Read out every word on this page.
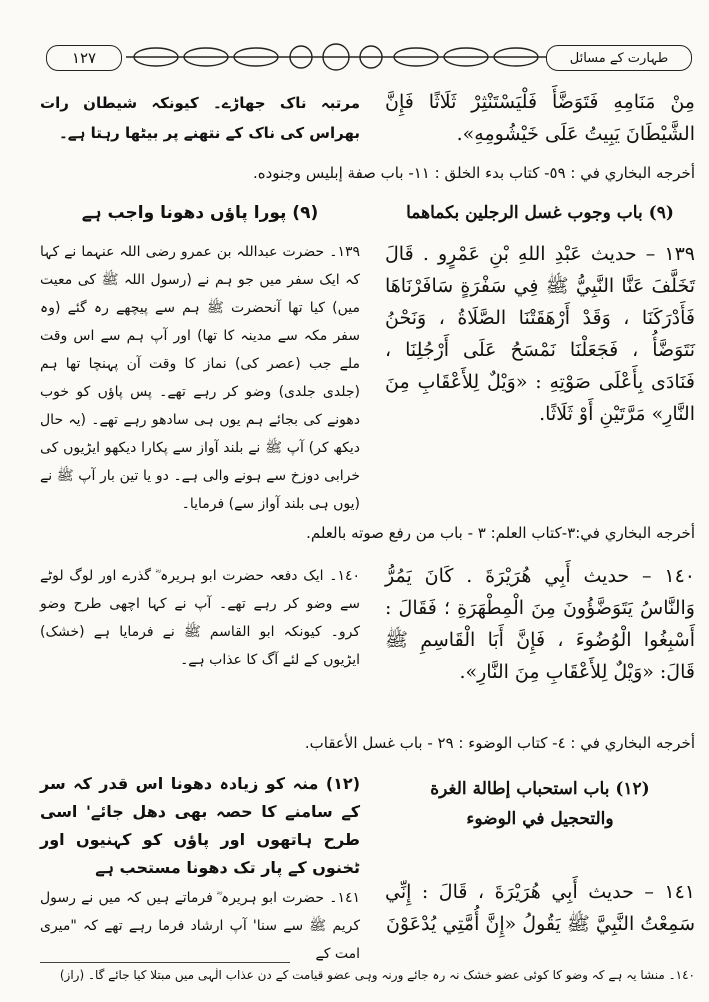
١٢٧	طہارت کے مسائل
مِنْ مَنَامِهِ فَتَوَضَّأَ فَلْيَسْتَنْثِرْ ثَلَاثًا فَإِنَّ الشَّيْطَانَ يَبِيتُ عَلَى خَيْشُومِهِ».
مرتبہ ناک جھاڑے۔ کیونکہ شیطان رات بھراس کی ناک کے نتھنے پر بیٹھا رہتا ہے۔
أخرجه البخاري في : ٥٩- كتاب بدء الخلق : ١١- باب صفة إبليس وجنوده.
(٩) باب وجوب غسل الرجلين بكماهما
(٩) پورا پاؤں دھونا واجب ہے
١٣٩ – حديث عَبْدِ اللهِ بْنِ عَمْرٍو . قَالَ تَخَلَّفَ عَنَّا النَّبِيُّ ﷺ فِي سَفْرَةٍ سَافَرْنَاهَا فَأَدْرَكَنَا ، وَقَدْ أَرْهَقَتْنَا الصَّلَاةُ ، وَنَحْنُ نَتَوَضَّأُ ، فَجَعَلْنَا نَمْسَحُ عَلَى أَرْجُلِنَا ، فَنَادَى بِأَعْلَى صَوْتِهِ : «وَيْلٌ لِلأَعْقَابِ مِنَ النَّارِ» مَرَّتَيْنِ أَوْ ثَلَاثًا.
١٣٩۔ حضرت عبداللہ بن عمرو رضی اللہ عنہما نے کہا کہ ایک سفر میں جو ہم نے (رسول اللہ ﷺ کی معیت میں) کیا تھا آنحضرت ﷺ ہم سے پیچھے رہ گئے (وہ سفر مکہ سے مدینہ کا تھا) اور آپ ہم سے اس وقت ملے جب (عصر کی) نماز کا وقت آن پہنچا تھا ہم (جلدی جلدی) وضو کر رہے تھے۔ پس پاؤں کو خوب دھونے کی بجائے ہم یوں ہی سادھو رہے تھے۔ (یہ حال دیکھ کر) آپ ﷺ نے بلند آواز سے پکارا دیکھو ایڑیوں کی خرابی دوزخ سے ہونے والی ہے۔ دو یا تین بار آپ ﷺ نے (یوں ہی بلند آواز سے) فرمایا۔
أخرجه البخاري في:٣-كتاب العلم: ٣ - باب من رفع صوته بالعلم.
١٤٠ – حديث أَبِي هُرَيْرَةَ . كَانَ يَمُرُّ وَالنَّاسُ يَتَوَضَّؤُونَ مِنَ الْمِطْهَرَةِ ؛ فَقَالَ : أَسْبِغُوا الْوُضُوءَ ، فَإِنَّ أَبَا الْقَاسِمِ ﷺ قَالَ: «وَيْلٌ لِلأَعْقَابِ مِنَ النَّارِ».
١٤٠۔ ایک دفعہ حضرت ابو ہریرہ ؓ گذرے اور لوگ لوٹے سے وضو کر رہے تھے۔ آپ نے کہا اچھی طرح وضو کرو۔ کیونکہ ابو القاسم ﷺ نے فرمایا ہے (خشک) ایڑیوں کے لئے آگ کا عذاب ہے۔
أخرجه البخاري في : ٤- كتاب الوضوء : ٢٩ - باب غسل الأعقاب.
(١٢) باب استحباب إطالة الغرة
والتحجيل في الوضوء
(١٢) منہ کو زیادہ دھونا اس قدر کہ سر کے سامنے کا حصہ بھی دھل جائے' اسی طرح ہاتھوں اور پاؤں کو کہنیوں اور ٹخنوں کے پار تک دھونا مستحب ہے
١٤١ – حديث أَبِي هُرَيْرَةَ ، قَالَ : إِنِّي سَمِعْتُ النَّبِيَّ ﷺ يَقُولُ «إِنَّ أُمَّتِي يُدْعَوْنَ
١٤١۔ حضرت ابو ہریرہ ؓ فرماتے ہیں کہ میں نے رسول کریم ﷺ سے سنا' آپ ارشاد فرما رہے تھے کہ "میری امت کے
١٤٠۔ منشا یہ ہے کہ وضو کا کوئی عضو خشک نہ رہ جائے ورنہ وہی عضو قیامت کے دن عذاب الٰہی میں مبتلا کیا جائے گا۔ (راز)
